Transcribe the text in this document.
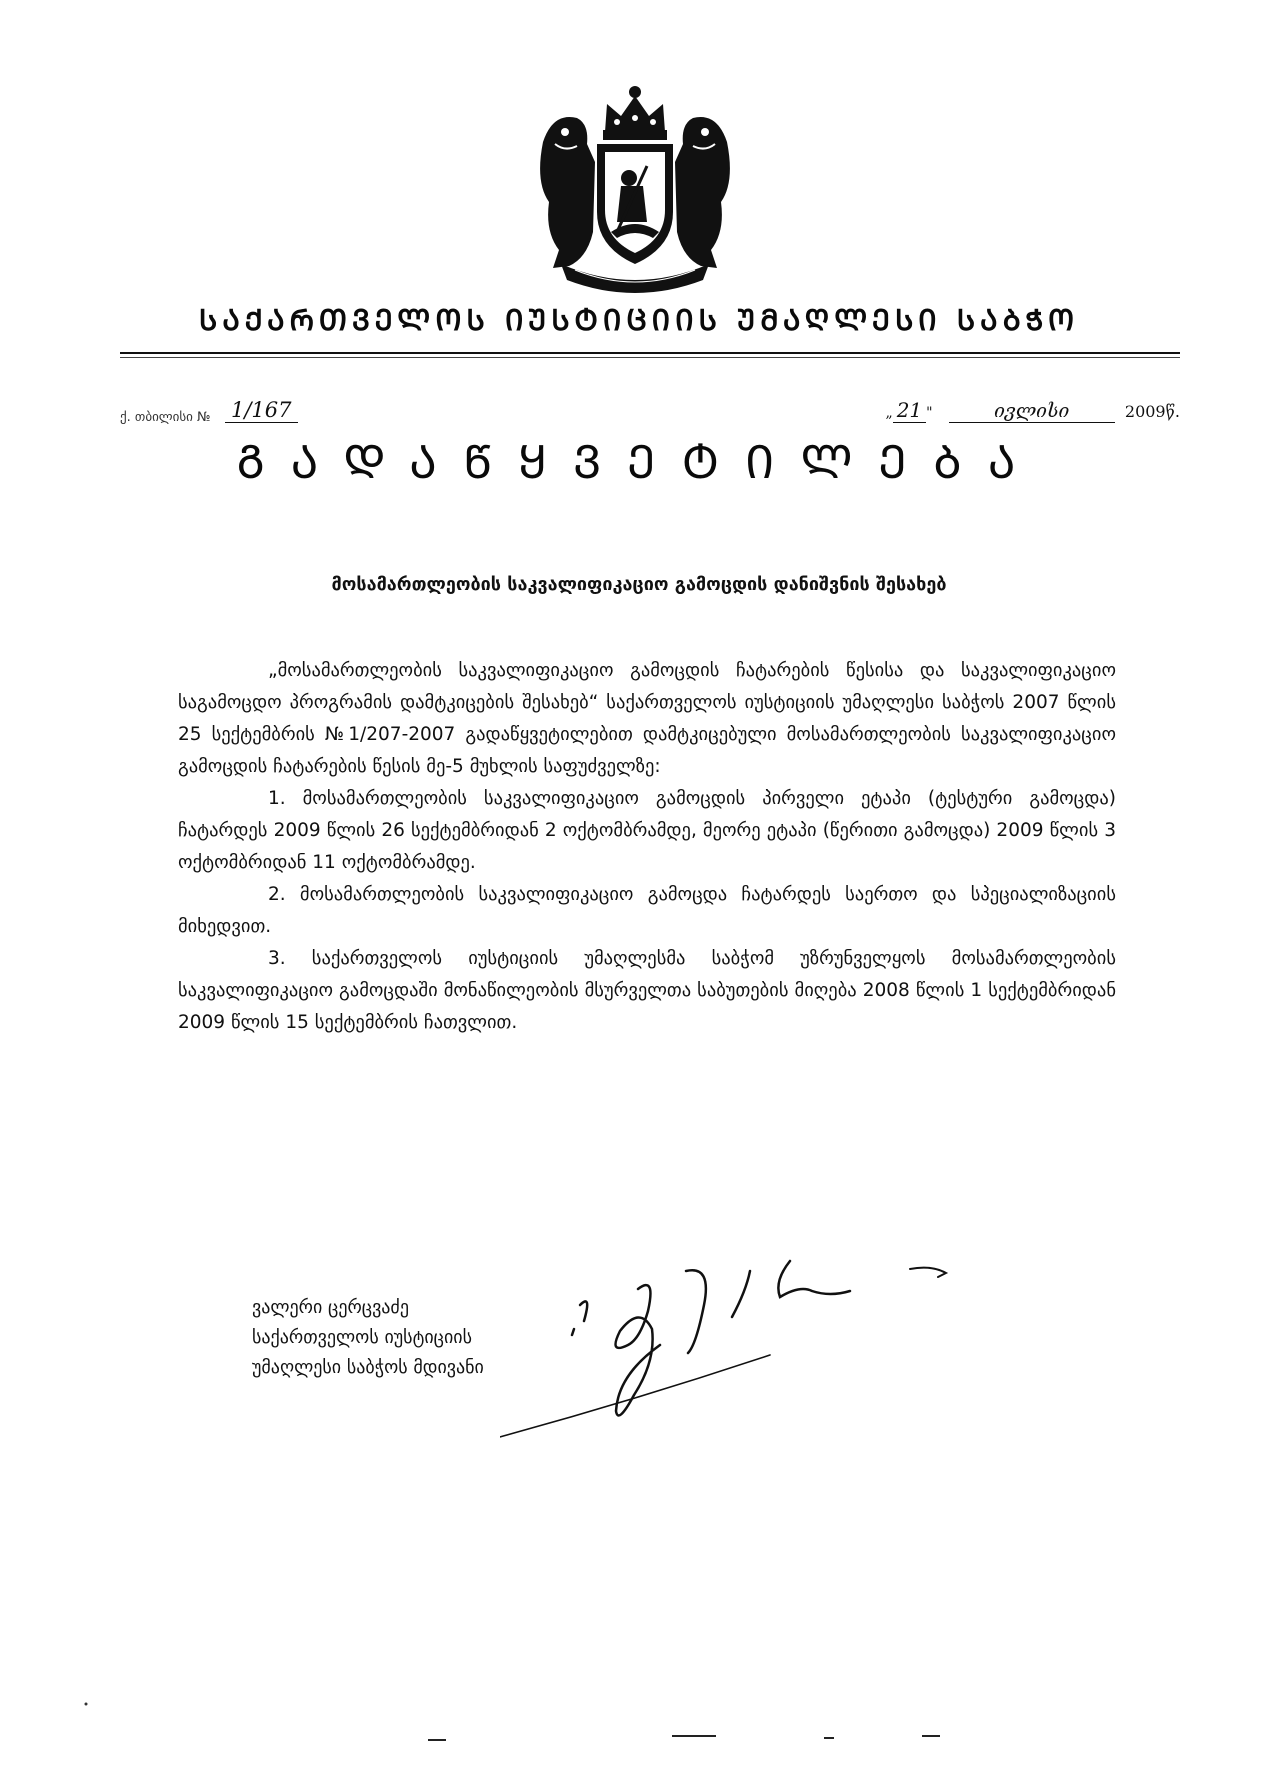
ᲡᲐᲥᲐᲠᲗᲕᲔᲚᲝᲡ ᲘᲣᲡᲢᲘᲪᲘᲘᲡ ᲣᲛᲐᲦᲚᲔᲡᲘ ᲡᲐᲑᲭᲝ
ქ. თბილისი № 1/167	„ 21 "	ივლისი	2009წ.
ᲒᲐᲓᲐᲬᲧᲕᲔᲢᲘᲚᲔᲑᲐ
მოსამართლეობის საკვალიფიკაციო გამოცდის დანიშვნის შესახებ

„მოსამართლეობის საკვალიფიკაციო გამოცდის ჩატარების წესისა და საკვალიფიკაციო საგამოცდო პროგრამის დამტკიცების შესახებ“ საქართველოს იუსტიციის უმაღლესი საბჭოს 2007 წლის 25 სექტემბრის №1/207-2007 გადაწყვეტილებით დამტკიცებული მოსამართლეობის საკვალიფიკაციო გამოცდის ჩატარების წესის მე-5 მუხლის საფუძველზე:

1. მოსამართლეობის საკვალიფიკაციო გამოცდის პირველი ეტაპი (ტესტური გამოცდა) ჩატარდეს 2009 წლის 26 სექტემბრიდან 2 ოქტომბრამდე, მეორე ეტაპი (წერითი გამოცდა) 2009 წლის 3 ოქტომბრიდან 11 ოქტომბრამდე.

2. მოსამართლეობის საკვალიფიკაციო გამოცდა ჩატარდეს საერთო და სპეციალიზაციის მიხედვით.

3. საქართველოს იუსტიციის უმაღლესმა საბჭომ უზრუნველყოს მოსამართლეობის საკვალიფიკაციო გამოცდაში მონაწილეობის მსურველთა საბუთების მიღება 2008 წლის 1 სექტემბრიდან 2009 წლის 15 სექტემბრის ჩათვლით.

ვალერი ცერცვაძე
საქართველოს იუსტიციის
უმაღლესი საბჭოს მდივანი
